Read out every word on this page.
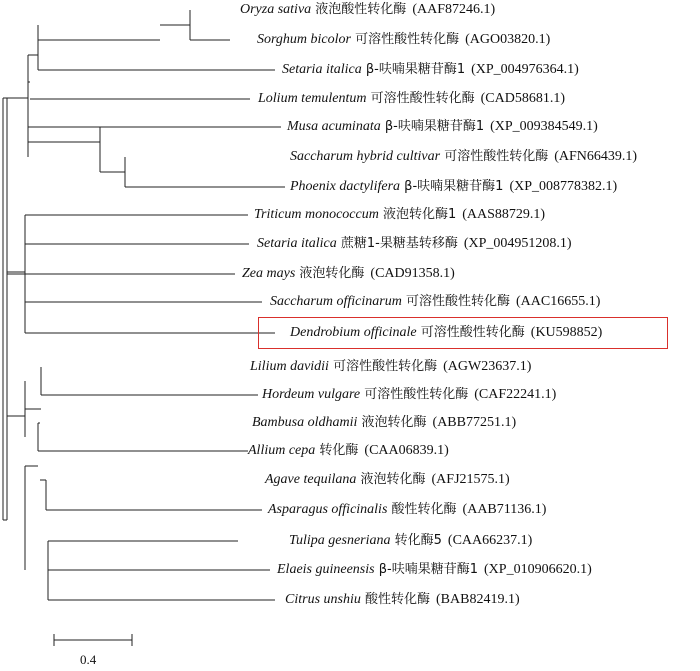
Oryza sativa 液泡酸性转化酶 (AAF87246.1)
Sorghum bicolor 可溶性酸性转化酶 (AGO03820.1)
Setaria italica β-呋喃果糖苷酶1 (XP_004976364.1)
Lolium temulentum 可溶性酸性转化酶 (CAD58681.1)
Musa acuminata β-呋喃果糖苷酶1 (XP_009384549.1)
Saccharum hybrid cultivar 可溶性酸性转化酶 (AFN66439.1)
Phoenix dactylifera β-呋喃果糖苷酶1 (XP_008778382.1)
Triticum monococcum 液泡转化酶1 (AAS88729.1)
Setaria italica 蔗糖1-果糖基转移酶 (XP_004951208.1)
Zea mays 液泡转化酶 (CAD91358.1)
Saccharum officinarum 可溶性酸性转化酶 (AAC16655.1)
Dendrobium officinale 可溶性酸性转化酶 (KU598852)
Lilium davidii 可溶性酸性转化酶 (AGW23637.1)
Hordeum vulgare 可溶性酸性转化酶 (CAF22241.1)
Bambusa oldhamii 液泡转化酶 (ABB77251.1)
Allium cepa 转化酶 (CAA06839.1)
Agave tequilana 液泡转化酶 (AFJ21575.1)
Asparagus officinalis 酸性转化酶 (AAB71136.1)
Tulipa gesneriana 转化酶5 (CAA66237.1)
Elaeis guineensis β-呋喃果糖苷酶1 (XP_010906620.1)
Citrus unshiu 酸性转化酶 (BAB82419.1)
0.4
